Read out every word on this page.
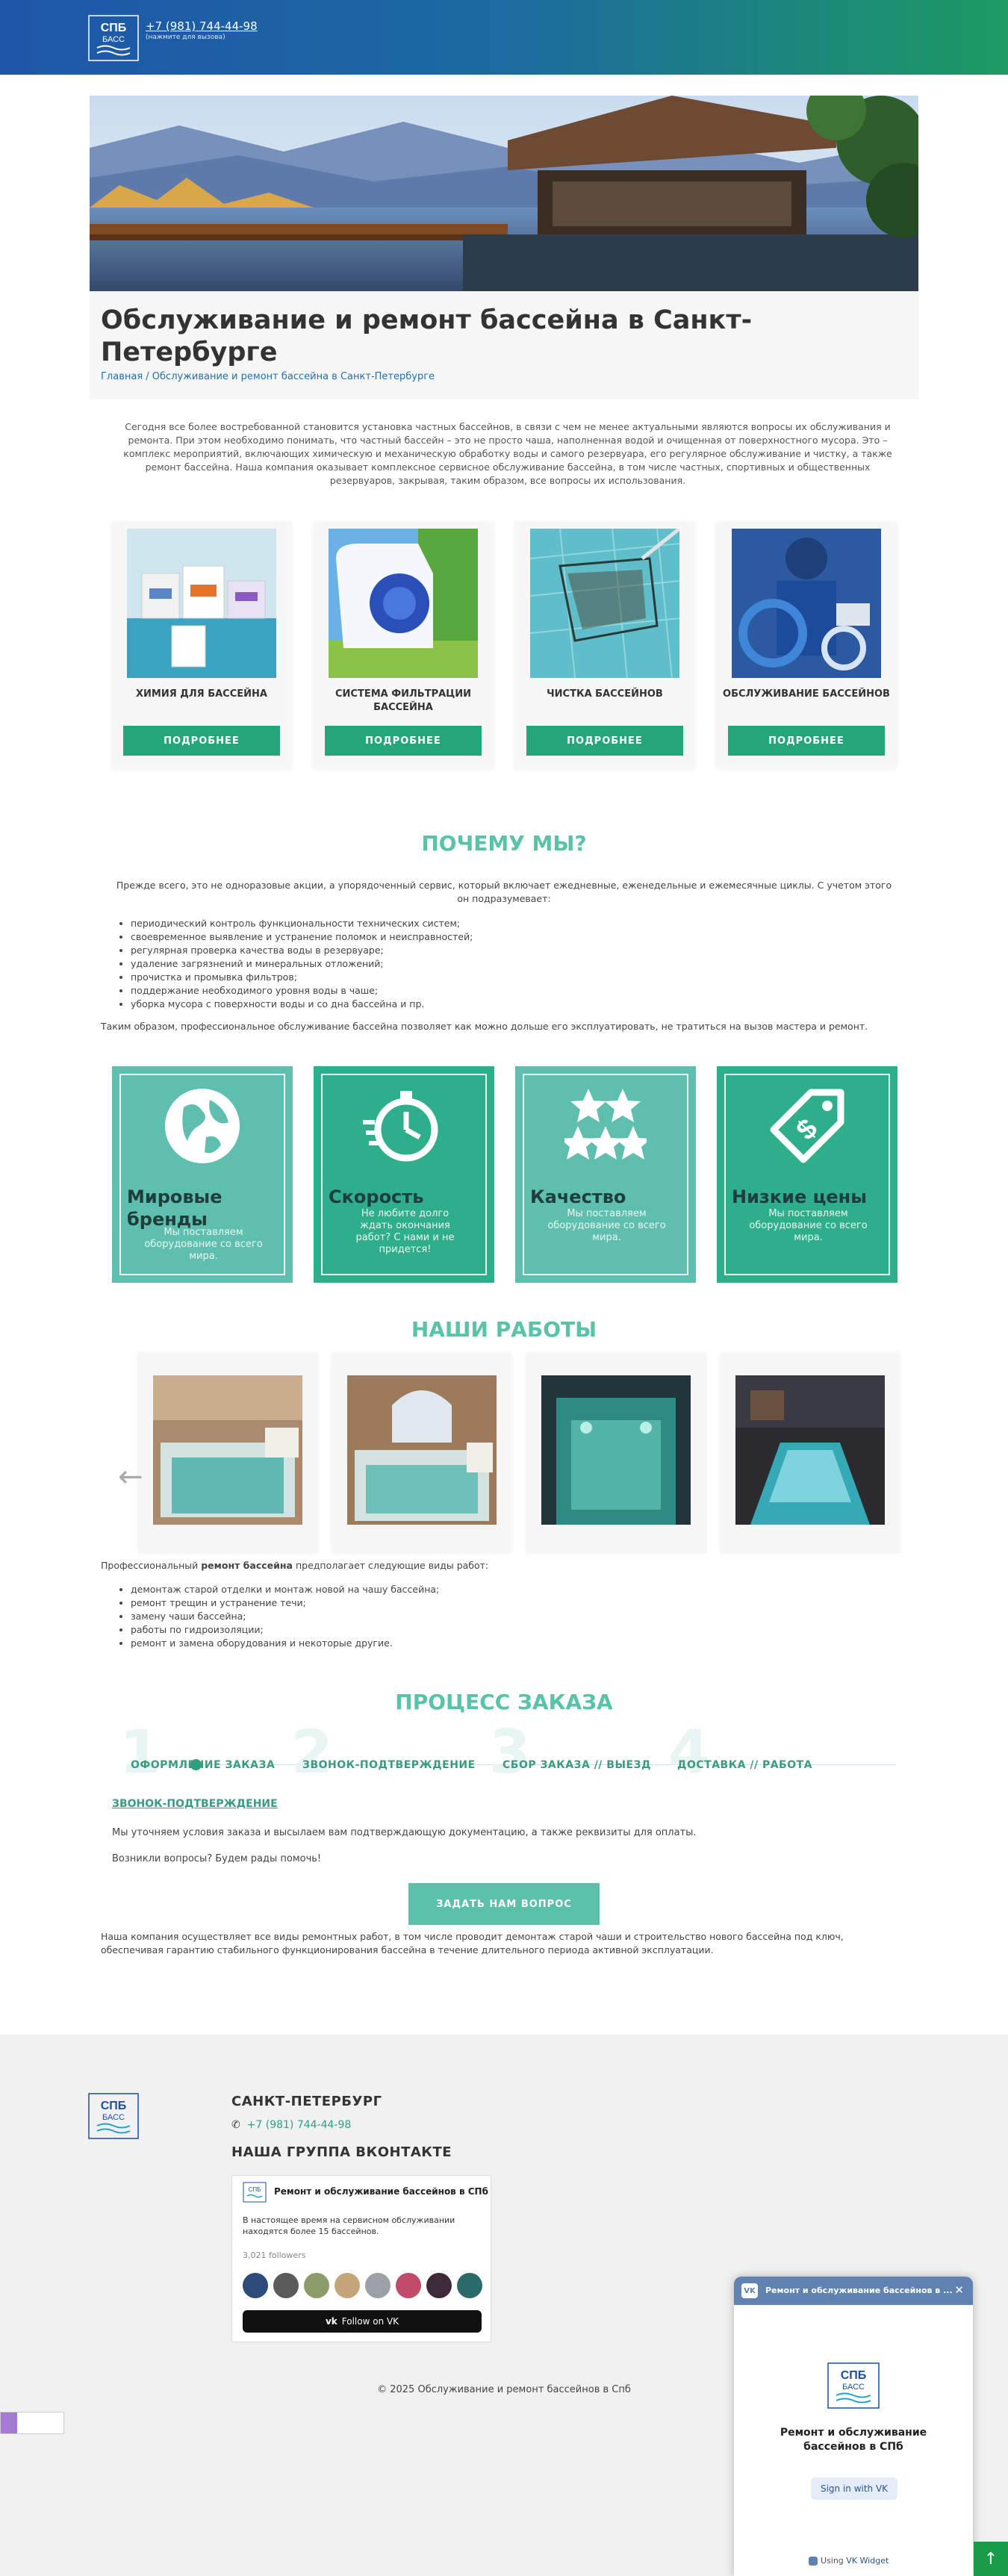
СПБ
БАСС
+7 (981) 744-44-98
(нажмите для вызова)
Обслуживание и ремонт бассейна в Санкт-Петербурге
Главная / Обслуживание и ремонт бассейна в Санкт-Петербурге

Сегодня все более востребованной становится установка частных бассейнов, в связи с чем не менее актуальными являются вопросы их обслуживания и ремонта. При этом необходимо понимать, что частный бассейн – это не просто чаша, наполненная водой и очищенная от поверхностного мусора. Это – комплекс мероприятий, включающих химическую и механическую обработку воды и самого резервуара, его регулярное обслуживание и чистку, а также ремонт бассейна. Наша компания оказывает комплексное сервисное обслуживание бассейна, в том числе частных, спортивных и общественных резервуаров, закрывая, таким образом, все вопросы их использования.

ХИМИЯ ДЛЯ БАССЕЙНА
ПОДРОБНЕЕ
СИСТЕМА ФИЛЬТРАЦИИ БАССЕЙНА
ПОДРОБНЕЕ
ЧИСТКА БАССЕЙНОВ
ПОДРОБНЕЕ
ОБСЛУЖИВАНИЕ БАССЕЙНОВ
ПОДРОБНЕЕ
ПОЧЕМУ МЫ?

Прежде всего, это не одноразовые акции, а упорядоченный сервис, который включает ежедневные, еженедельные и ежемесячные циклы. С учетом этого он подразумевает:

• периодический контроль функциональности технических систем;
• своевременное выявление и устранение поломок и неисправностей;
• регулярная проверка качества воды в резервуаре;
• удаление загрязнений и минеральных отложений;
• прочистка и промывка фильтров;
• поддержание необходимого уровня воды в чаше;
• уборка мусора с поверхности воды и со дна бассейна и пр.

Таким образом, профессиональное обслуживание бассейна позволяет как можно дольше его эксплуатировать, не тратиться на вызов мастера и ремонт.

Мировые бренды
Мы поставляем оборудование со всего мира.
Скорость
Не любите долго ждать окончания работ? С нами и не придется!
Качество
Мы поставляем оборудование со всего мира.
$
Низкие цены
Мы поставляем оборудование со всего мира.
НАШИ РАБОТЫ
←

Профессиональный ремонт бассейна предполагает следующие виды работ:

• демонтаж старой отделки и монтаж новой на чашу бассейна;
• ремонт трещин и устранение течи;
• замену чаши бассейна;
• работы по гидроизоляции;
• ремонт и замена оборудования и некоторые другие.
ПРОЦЕСС ЗАКАЗА
1 2	3 4
ОФОРМЛЕНИЕ ЗАКАЗА	ЗВОНОК-ПОДТВЕРЖДЕНИЕ	СБОР ЗАКАЗА // ВЫЕЗД	ДОСТАВКА // РАБОТА
ЗВОНОК-ПОДТВЕРЖДЕНИЕ
Мы уточняем условия заказа и высылаем вам подтверждающую документацию, а также реквизиты для оплаты.
Возникли вопросы? Будем рады помочь!
ЗАДАТЬ НАМ ВОПРОС

Наша компания осуществляет все виды ремонтных работ, в том числе проводит демонтаж старой чаши и строительство нового бассейна под ключ, обеспечивая гарантию стабильного функционирования бассейна в течение длительного периода активной эксплуатации.

СПБ
БАСС
САНКТ-ПЕТЕРБУРГ
✆ +7 (981) 744-44-98
НАША ГРУППА ВКОНТАКТЕ
СПБ Ремонт и обслуживание бассейнов в СПб
В настоящее время на сервисном обслуживании находятся более 15 бассейнов.
3,021 followers
vk Follow on VK
© 2025 Обслуживание и ремонт бассейнов в Спб
VK Ремонт и обслуживание бассейнов в ... ✕
СПБ
БАСС
Ремонт и обслуживание бассейнов в СПб
Sign in with VK
Using VK Widget	↑
